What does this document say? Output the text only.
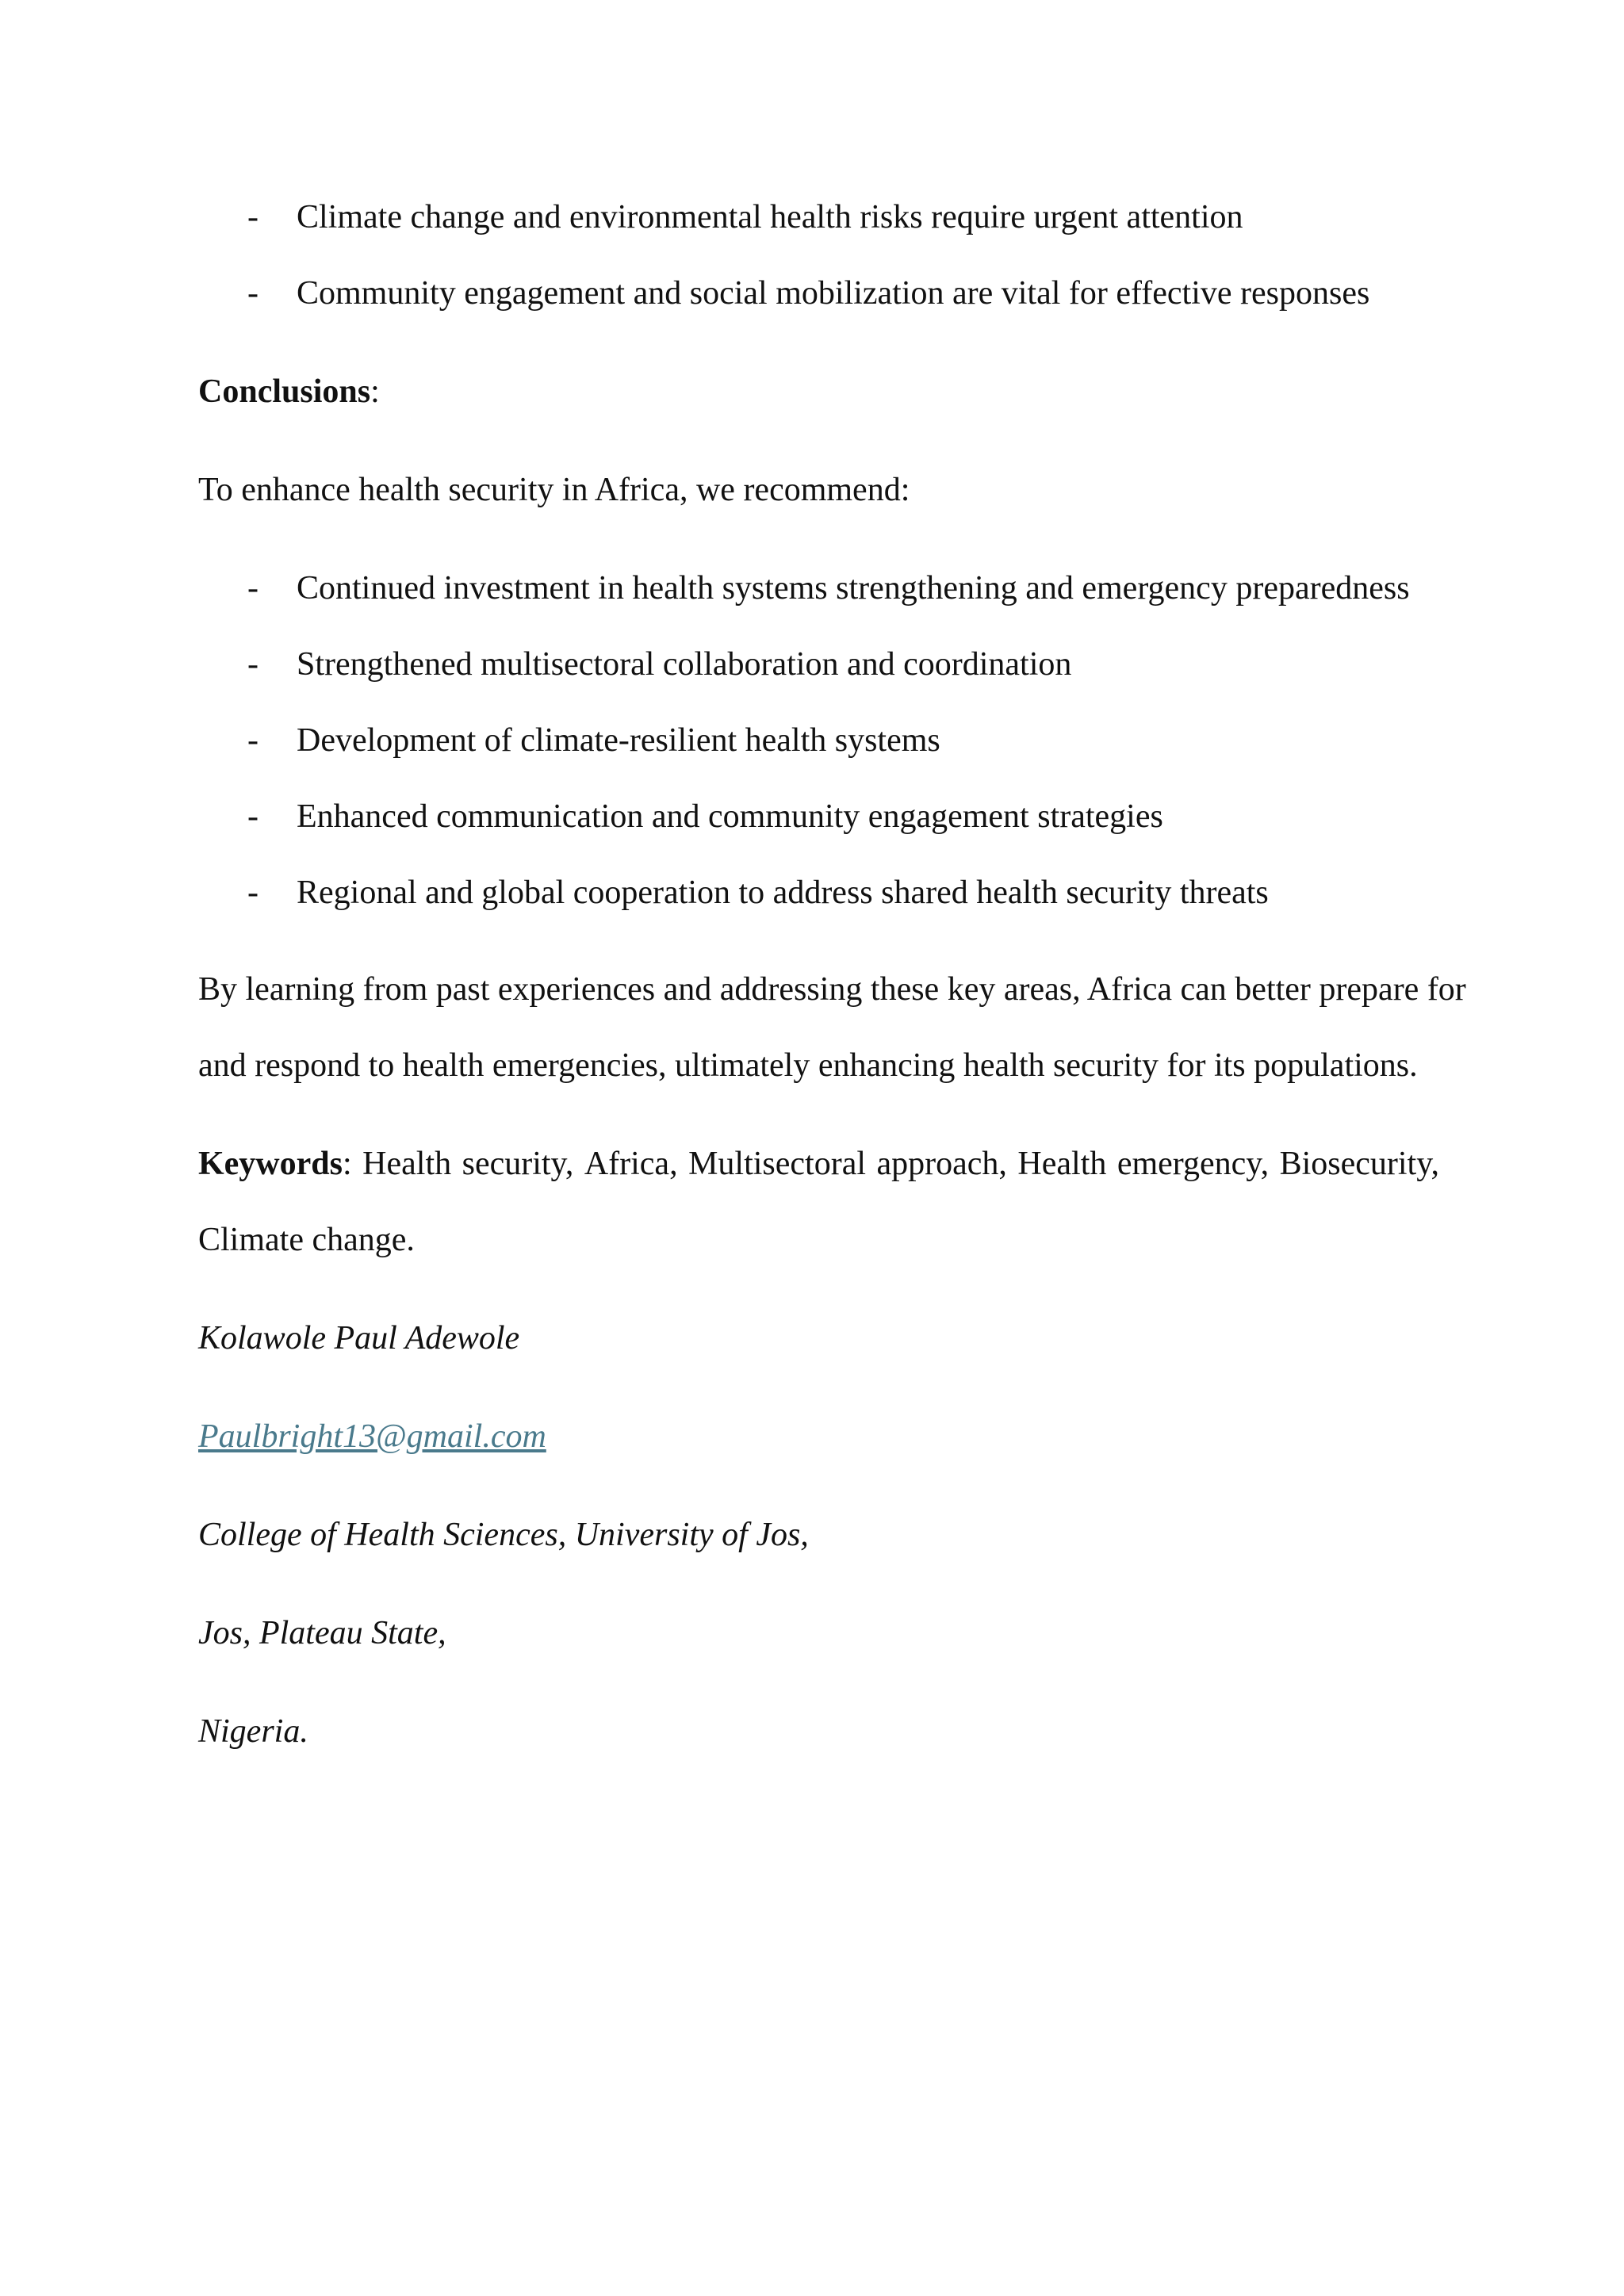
- Climate change and environmental health risks require urgent attention
- Community engagement and social mobilization are vital for effective responses
Conclusions:
To enhance health security in Africa, we recommend:
- Continued investment in health systems strengthening and emergency preparedness
- Strengthened multisectoral collaboration and coordination
- Development of climate-resilient health systems
- Enhanced communication and community engagement strategies
- Regional and global cooperation to address shared health security threats
By learning from past experiences and addressing these key areas, Africa can better prepare for
and respond to health emergencies, ultimately enhancing health security for its populations.
Keywords: Health security, Africa, Multisectoral approach, Health emergency, Biosecurity,
Climate change.
Kolawole Paul Adewole
Paulbright13@gmail.com
College of Health Sciences, University of Jos,
Jos, Plateau State,
Nigeria.
